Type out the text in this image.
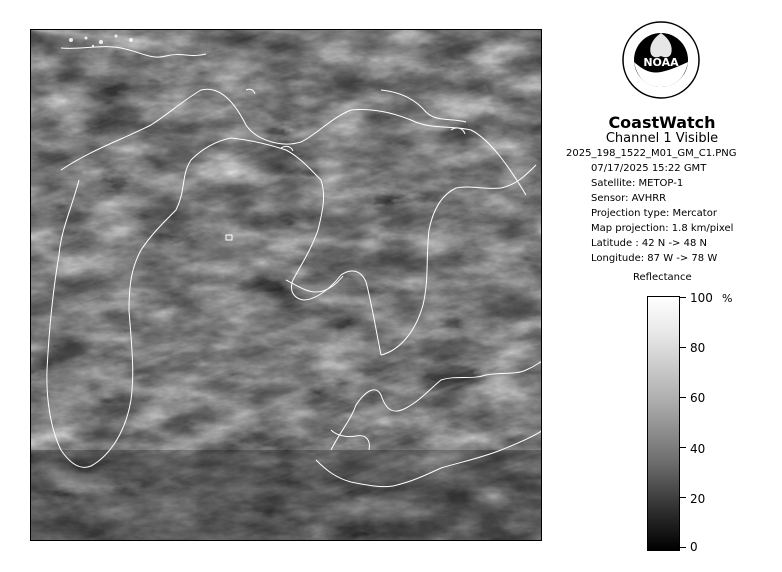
NOAA
CoastWatch
Channel 1 Visible
2025_198_1522_M01_GM_C1.PNG
07/17/2025 15:22 GMT
Satellite: METOP-1
Sensor: AVHRR
Projection type: Mercator
Map projection: 1.8 km/pixel
Latitude : 42 N -> 48 N
Longitude: 87 W -> 78 W
Reflectance
%
100
80
60
40
20
0
